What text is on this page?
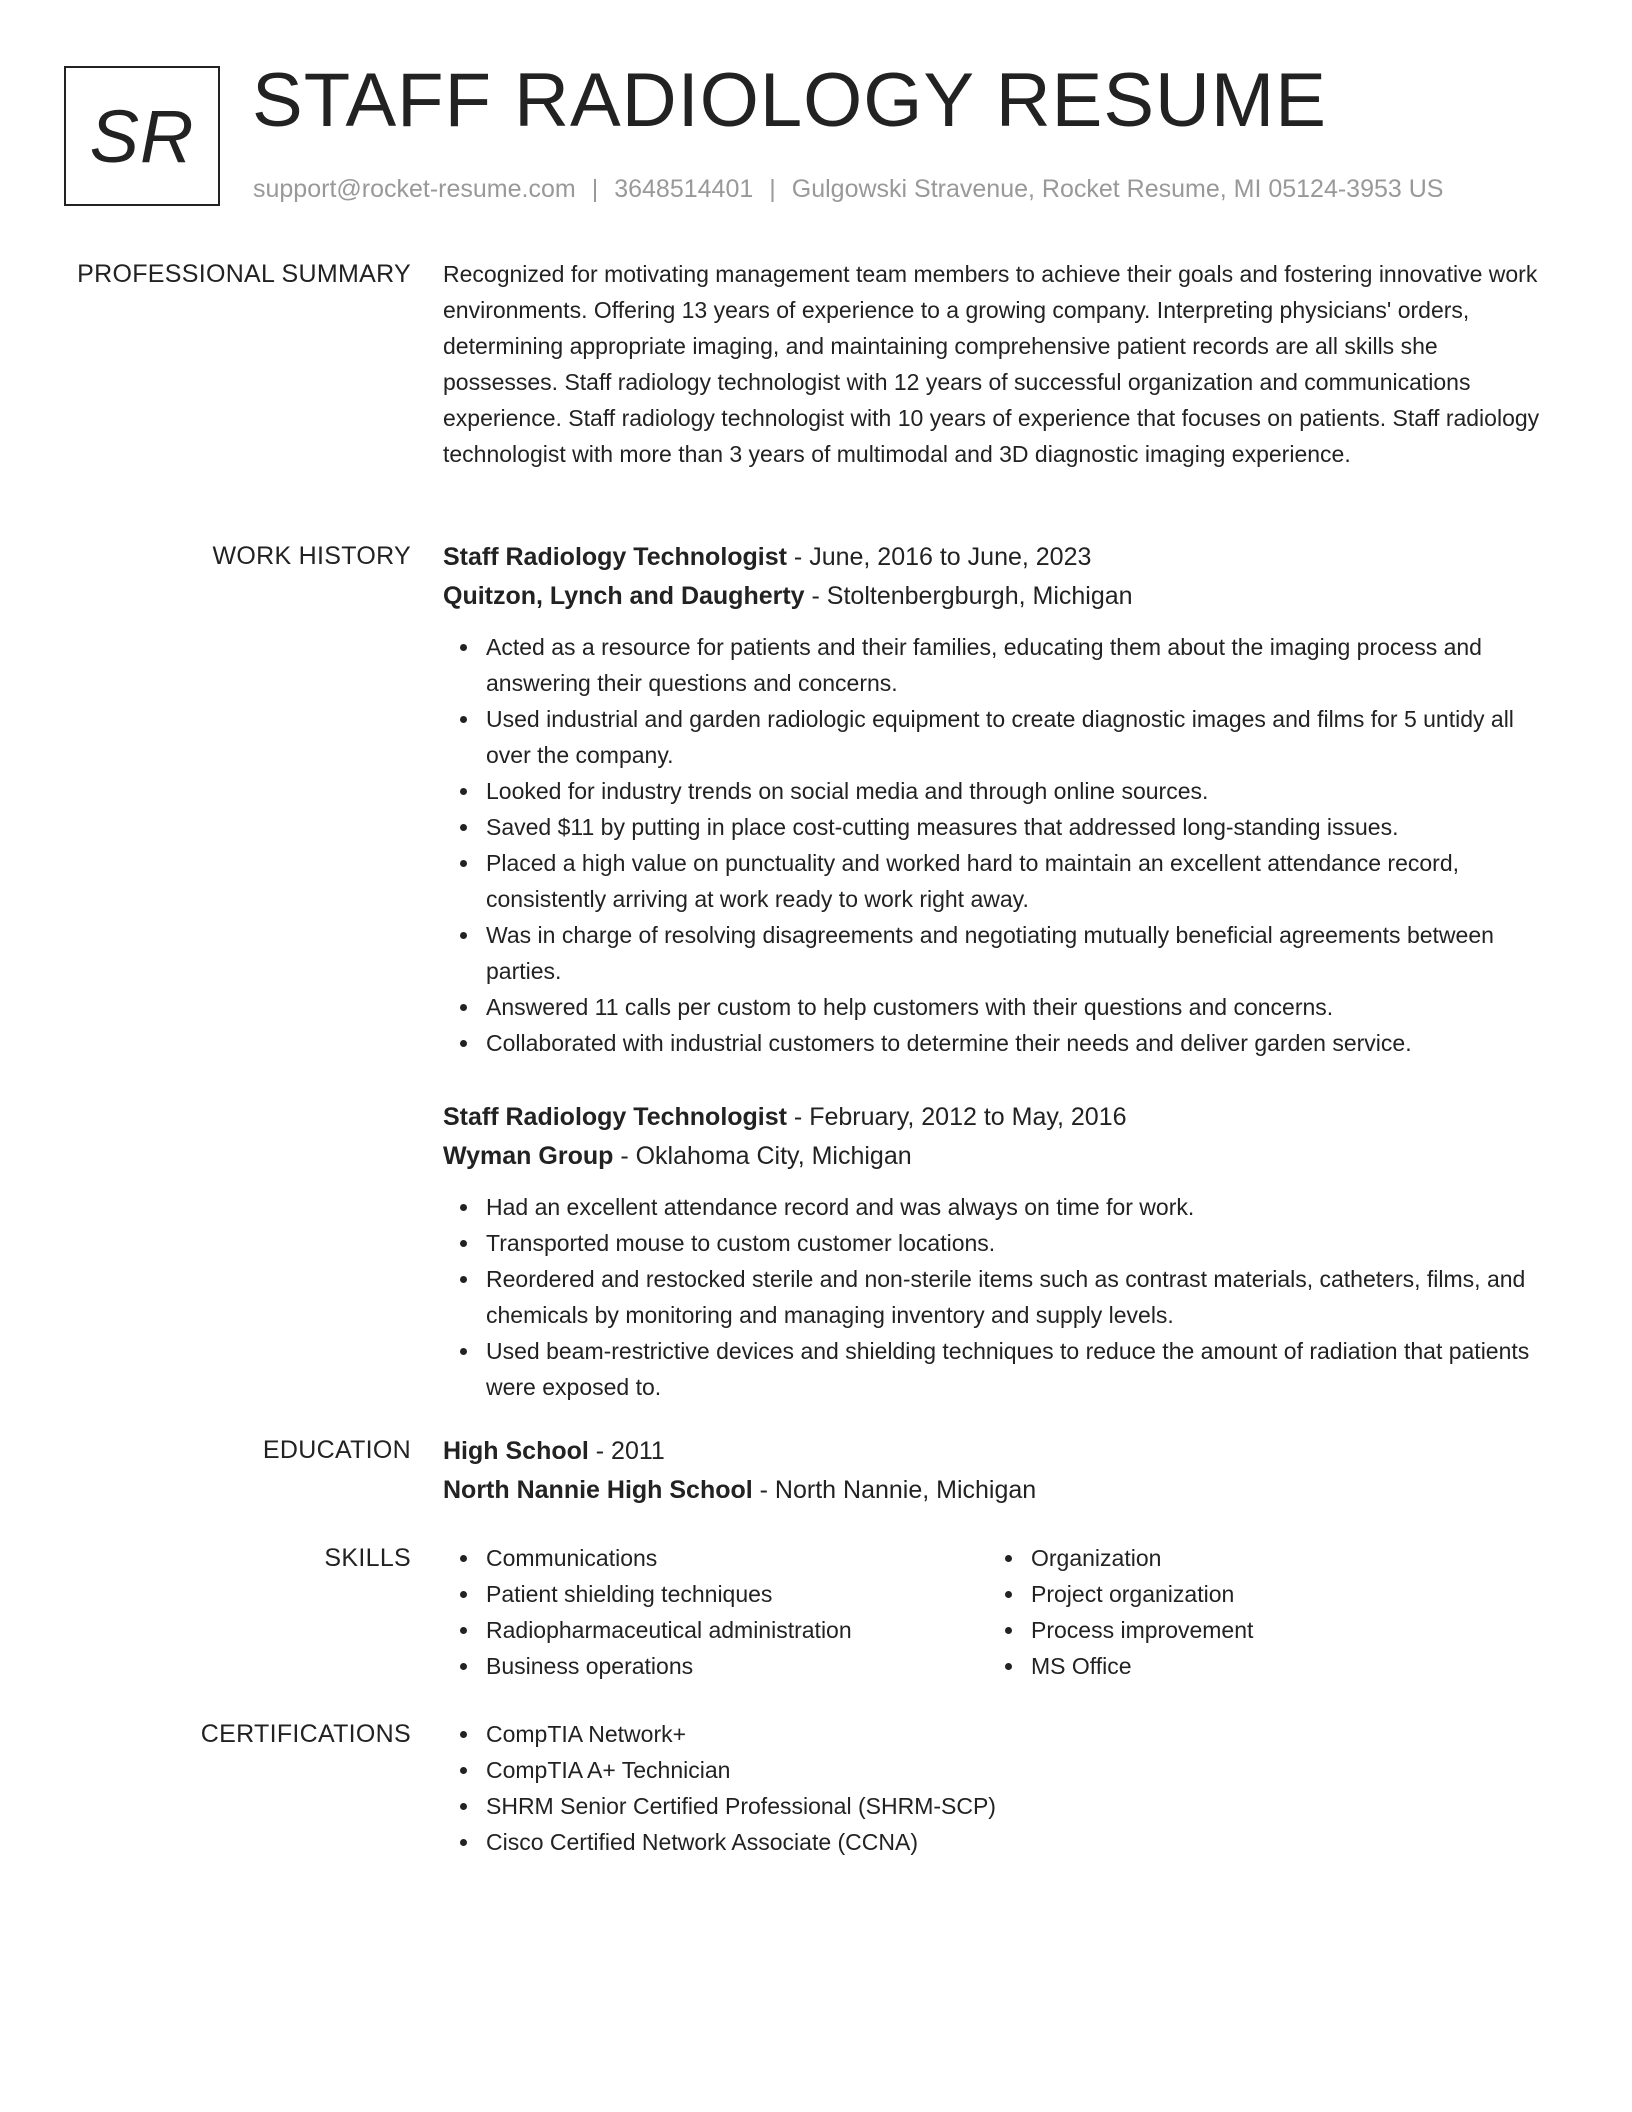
SR STAFF RADIOLOGY RESUME
support@rocket-resume.com | 3648514401 | Gulgowski Stravenue, Rocket Resume, MI 05124-3953 US
PROFESSIONAL SUMMARY Recognized for motivating management team members to achieve their goals and fostering innovative work environments. Offering 13 years of experience to a growing company. Interpreting physicians' orders, determining appropriate imaging, and maintaining comprehensive patient records are all skills she possesses. Staff radiology technologist with 12 years of successful organization and communications experience. Staff radiology technologist with 10 years of experience that focuses on patients. Staff radiology technologist with more than 3 years of multimodal and 3D diagnostic imaging experience.

WORK HISTORY Staff Radiology Technologist - June, 2016 to June, 2023

Quitzon, Lynch and Daugherty - Stoltenbergburgh, Michigan

Acted as a resource for patients and their families, educating them about the imaging process and answering their questions and concerns.
Used industrial and garden radiologic equipment to create diagnostic images and films for 5 untidy all over the company.
Looked for industry trends on social media and through online sources.
Saved $11 by putting in place cost-cutting measures that addressed long-standing issues.
Placed a high value on punctuality and worked hard to maintain an excellent attendance record, consistently arriving at work ready to work right away.
Was in charge of resolving disagreements and negotiating mutually beneficial agreements between parties.
Answered 11 calls per custom to help customers with their questions and concerns.
Collaborated with industrial customers to determine their needs and deliver garden service.

Staff Radiology Technologist - February, 2012 to May, 2016

Wyman Group - Oklahoma City, Michigan

Had an excellent attendance record and was always on time for work.
Transported mouse to custom customer locations.
Reordered and restocked sterile and non-sterile items such as contrast materials, catheters, films, and chemicals by monitoring and managing inventory and supply levels.
Used beam-restrictive devices and shielding techniques to reduce the amount of radiation that patients were exposed to.
EDUCATION High School - 2011

North Nannie High School - North Nannie, Michigan

SKILLS	Communications
Patient shielding techniques
Radiopharmaceutical administration
Business operations
Organization
Project organization
Process improvement
MS Office
CERTIFICATIONS	CompTIA Network+
CompTIA A+ Technician
SHRM Senior Certified Professional (SHRM-SCP)
Cisco Certified Network Associate (CCNA)
